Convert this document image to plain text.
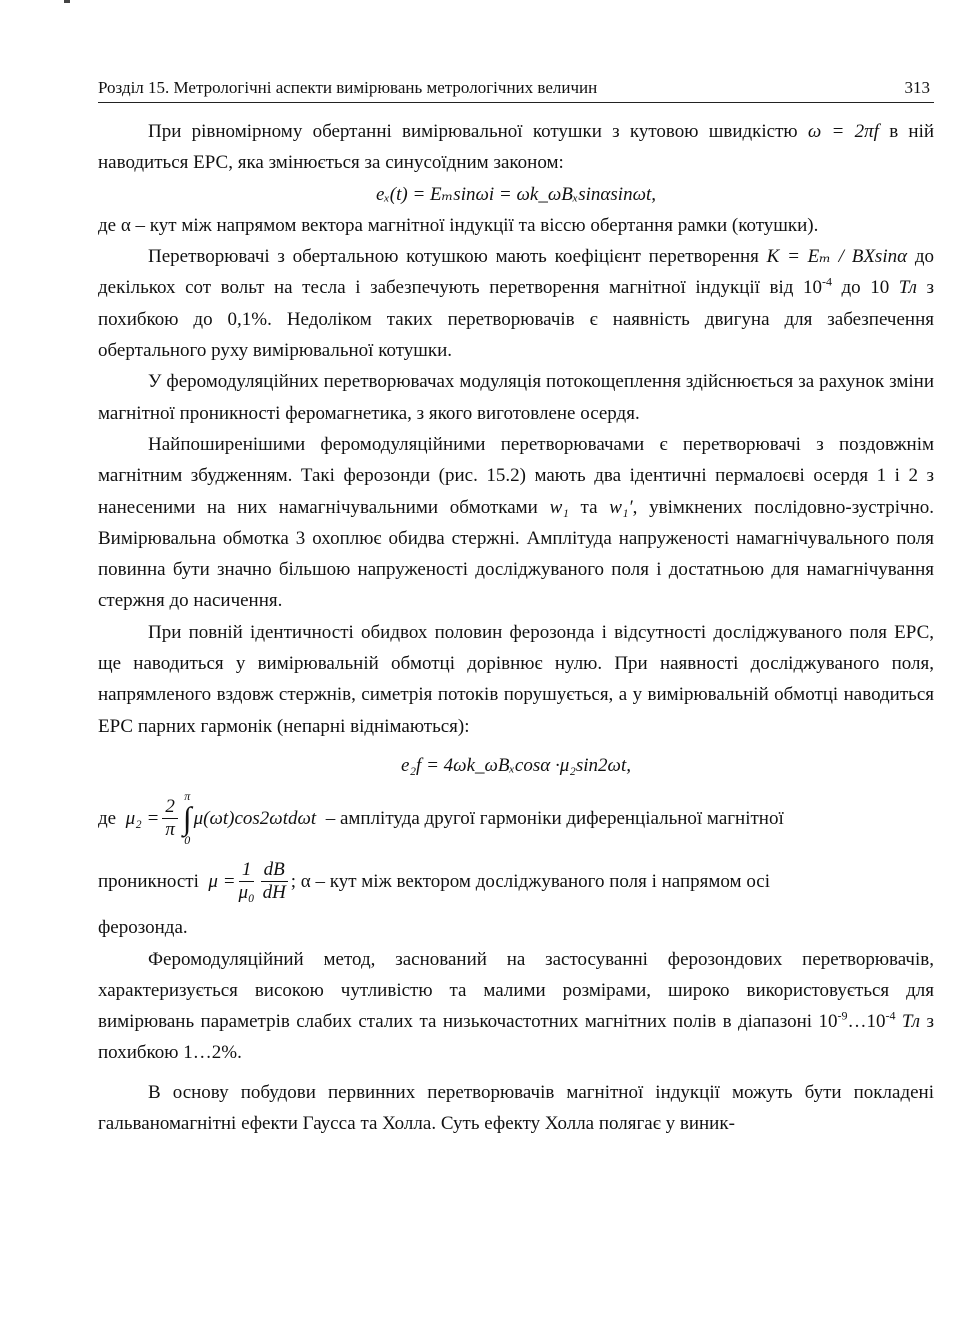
Розділ 15. Метрологічні аспекти вимірювань метрологічних величин	313

При рівномірному обертанні вимірювальної котушки з кутовою швидкістю ω = 2πf в ній наводиться ЕРС, яка змінюється за синусоїдним законом:

eₓ(t) = Eₘsinωi = ωk_ωBₓsinαsinωt,

де α – кут між напрямом вектора магнітної індукції та віссю обертання рамки (котушки).

Перетворювачі з обертальною котушкою мають коефіцієнт перетворення K = Eₘ / BXsinα до декількох сот вольт на тесла і забезпечують перетворення магнітної індукції від $10^{-4}$ до 10 Тл з похибкою до 0,1%. Недоліком таких перетворювачів є наявність двигуна для забезпечення обертального руху вимірювальної котушки.

У феромодуляційних перетворювачах модуляція потокощеплення здійснюється за рахунок зміни магнітної проникності феромагнетика, з якого виготовлене осердя.

Найпоширенішими феромодуляційними перетворювачами є перетворювачі з поздовжнім магнітним збудженням. Такі ферозонди (рис. 15.2) мають два ідентичні пермалоєві осердя 1 і 2 з нанесеними на них намагнічувальними обмотками w₁ та w₁′, увімкнених послідовно-зустрічно. Вимірювальна обмотка 3 охоплює обидва стержні. Амплітуда напруженості намагнічувального поля повинна бути значно більшою напруженості досліджуваного поля і достатньою для намагнічування стержня до насичення.

При повній ідентичності обидвох половин ферозонда і відсутності досліджуваного поля ЕРС, ще наводиться у вимірювальній обмотці дорівнює нулю. При наявності досліджуваного поля, напрямленого вздовж стержнів, симетрія потоків порушується, а у вимірювальній обмотці наводиться ЕРС парних гармонік (непарні віднімаються):

e₂f = 4ωk_ωBₓcosα ·μ₂sin2ωt,

де
$\mu_2 = \frac{2}{\pi}$ π
∫
0
μ(ωt)cos2ωtdωt
– амплітуда другої гармоніки диференціальної магнітної

проникності
$\mu = \frac{1}{\text{μ₀}} \frac{dB}{dH}$ ; α – кут між вектором досліджуваного поля і напрямом осі

ферозонда.

Феромодуляційний метод, заснований на застосуванні ферозондових перетворювачів, характеризується високою чутливістю та малими розмірами, широко використовується для вимірювань параметрів слабих сталих та низькочастотних магнітних полів в діапазоні $10^{-9}\dots 10^{-4}$ Тл з похибкою 1…2%.

В основу побудови первинних перетворювачів магнітної індукції можуть бути покладені гальваномагнітні ефекти Гаусса та Холла. Суть ефекту Холла полягає у виник-
